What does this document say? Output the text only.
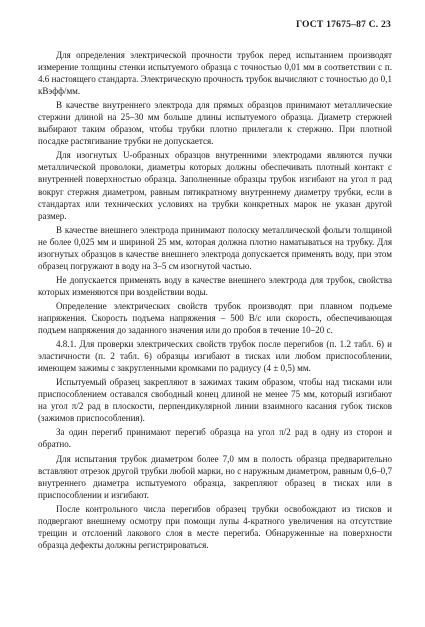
ГОСТ 17675–87 С. 23

Для определения электрической прочности трубок перед испытанием производят измерение толщины стенки испытуемого образца с точностью 0,01 мм в соответствии с п. 4.6 настоящего стандарта. Электрическую прочность трубок вычисляют с точностью до 0,1 кВэфф/мм.

В качестве внутреннего электрода для прямых образцов принимают металлические стержни длиной на 25–30 мм больше длины испытуемого образца. Диаметр стержней выбирают таким образом, чтобы трубки плотно прилегали к стержню. При плотной посадке растягивание трубки не допускается.

Для изогнутых U-образных образцов внутренними электродами являются пучки металлической проволоки, диаметры которых должны обеспечивать плотный контакт с внутренней поверхностью образца. Заполненные образцы трубок изгибают на угол π рад вокруг стержня диаметром, равным пятикратному внутреннему диаметру трубки, если в стандартах или технических условиях на трубки конкретных марок не указан другой размер.

В качестве внешнего электрода принимают полоску металлической фольги толщиной не более 0,025 мм и шириной 25 мм, которая должна плотно наматываться на трубку. Для изогнутых образцов в качестве внешнего электрода допускается применять воду, при этом образец погружают в воду на 3–5 см изогнутой частью.

Не допускается применять воду в качестве внешнего электрода для трубок, свойства которых изменяются при воздействии воды.

Определение электрических свойств трубок производят при плавном подъеме напряжения. Скорость подъема напряжения – 500 В/с или скорость, обеспечивающая подъем напряжения до заданного значения или до пробоя в течение 10–20 с.

4.8.1. Для проверки электрических свойств трубок после перегибов (п. 1.2 табл. 6) и эластичности (п. 2 табл. 6) образцы изгибают в тисках или любом приспособлении, имеющем зажимы с закругленными кромками по радиусу (4 ± 0,5) мм.

Испытуемый образец закрепляют в зажимах таким образом, чтобы над тисками или приспособлением оставался свободный конец длиной не менее 75 мм, который изгибают на угол π/2 рад в плоскости, перпендикулярной линии взаимного касания губок тисков (зажимов приспособления).

За один перегиб принимают перегиб образца на угол π/2 рад в одну из сторон и обратно.

Для испытания трубок диаметром более 7,0 мм в полость образца предварительно вставляют отрезок другой трубки любой марки, но с наружным диаметром, равным 0,6–0,7 внутреннего диаметра испытуемого образца, закрепляют образец в тисках или в приспособлении и изгибают.

После контрольного числа перегибов образец трубки освобождают из тисков и подвергают внешнему осмотру при помощи лупы 4-кратного увеличения на отсутствие трещин и отслоений лакового слоя в месте перегиба. Обнаруженные на поверхности образца дефекты должны регистрироваться.
